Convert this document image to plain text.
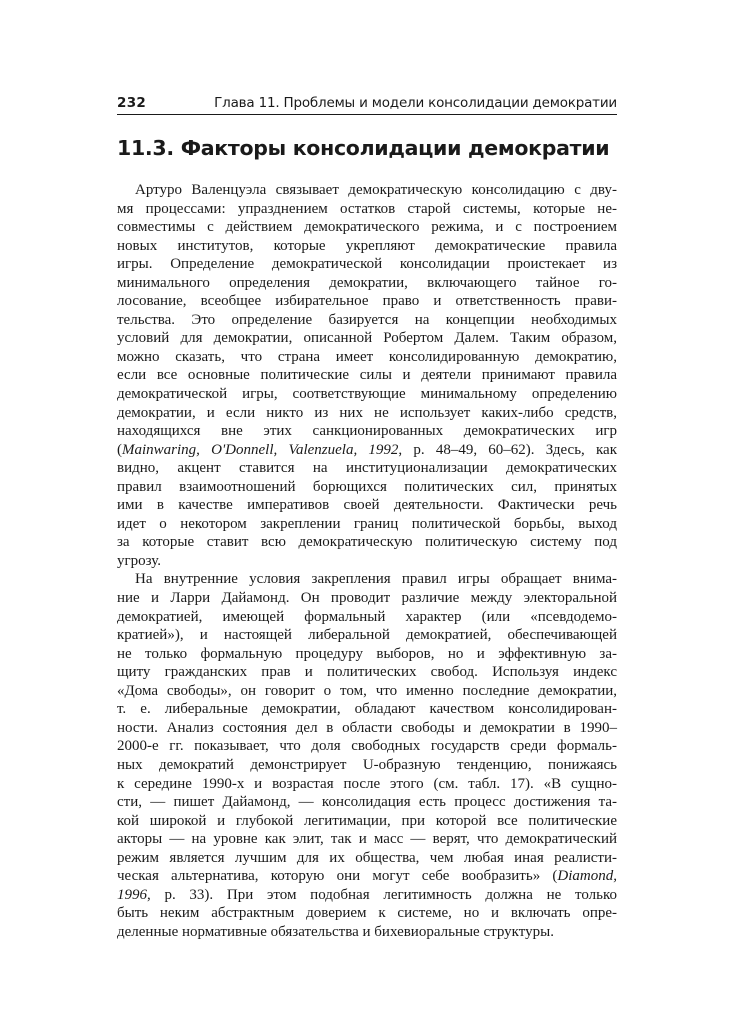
232	Глава 11. Проблемы и модели консолидации демократии
11.3. Факторы консолидации демократии
Артуро Валенцуэла связывает демократическую консолидацию с дву-
мя процессами: упразднением остатков старой системы, которые не-
совместимы с действием демократического режима, и с построением
новых институтов, которые укрепляют демократические правила
игры. Определение демократической консолидации проистекает из
минимального определения демократии, включающего тайное го-
лосование, всеобщее избирательное право и ответственность прави-
тельства. Это определение базируется на концепции необходимых
условий для демократии, описанной Робертом Далем. Таким образом,
можно сказать, что страна имеет консолидированную демократию,
если все основные политические силы и деятели принимают правила
демократической игры, соответствующие минимальному определению
демократии, и если никто из них не использует каких-либо средств,
находящихся вне этих санкционированных демократических игр
(Mainwaring, O'Donnell, Valenzuela, 1992, p. 48–49, 60–62). Здесь, как
видно, акцент ставится на институционализации демократических
правил взаимоотношений борющихся политических сил, принятых
ими в качестве императивов своей деятельности. Фактически речь
идет о некотором закреплении границ политической борьбы, выход
за которые ставит всю демократическую политическую систему под
угрозу.
На внутренние условия закрепления правил игры обращает внима-
ние и Ларри Дайамонд. Он проводит различие между электоральной
демократией, имеющей формальный характер (или «псевдодемо-
кратией»), и настоящей либеральной демократией, обеспечивающей
не только формальную процедуру выборов, но и эффективную за-
щиту гражданских прав и политических свобод. Используя индекс
«Дома свободы», он говорит о том, что именно последние демократии,
т. е. либеральные демократии, обладают качеством консолидирован-
ности. Анализ состояния дел в области свободы и демократии в 1990–
2000-е гг. показывает, что доля свободных государств среди формаль-
ных демократий демонстрирует U-образную тенденцию, понижаясь
к середине 1990-х и возрастая после этого (см. табл. 17). «В сущно-
сти, — пишет Дайамонд, — консолидация есть процесс достижения та-
кой широкой и глубокой легитимации, при которой все политические
акторы — на уровне как элит, так и масс — верят, что демократический
режим является лучшим для их общества, чем любая иная реалисти-
ческая альтернатива, которую они могут себе вообразить» (Diamond,
1996, p. 33). При этом подобная легитимность должна не только
быть неким абстрактным доверием к системе, но и включать опре-
деленные нормативные обязательства и бихевиоральные структуры.
